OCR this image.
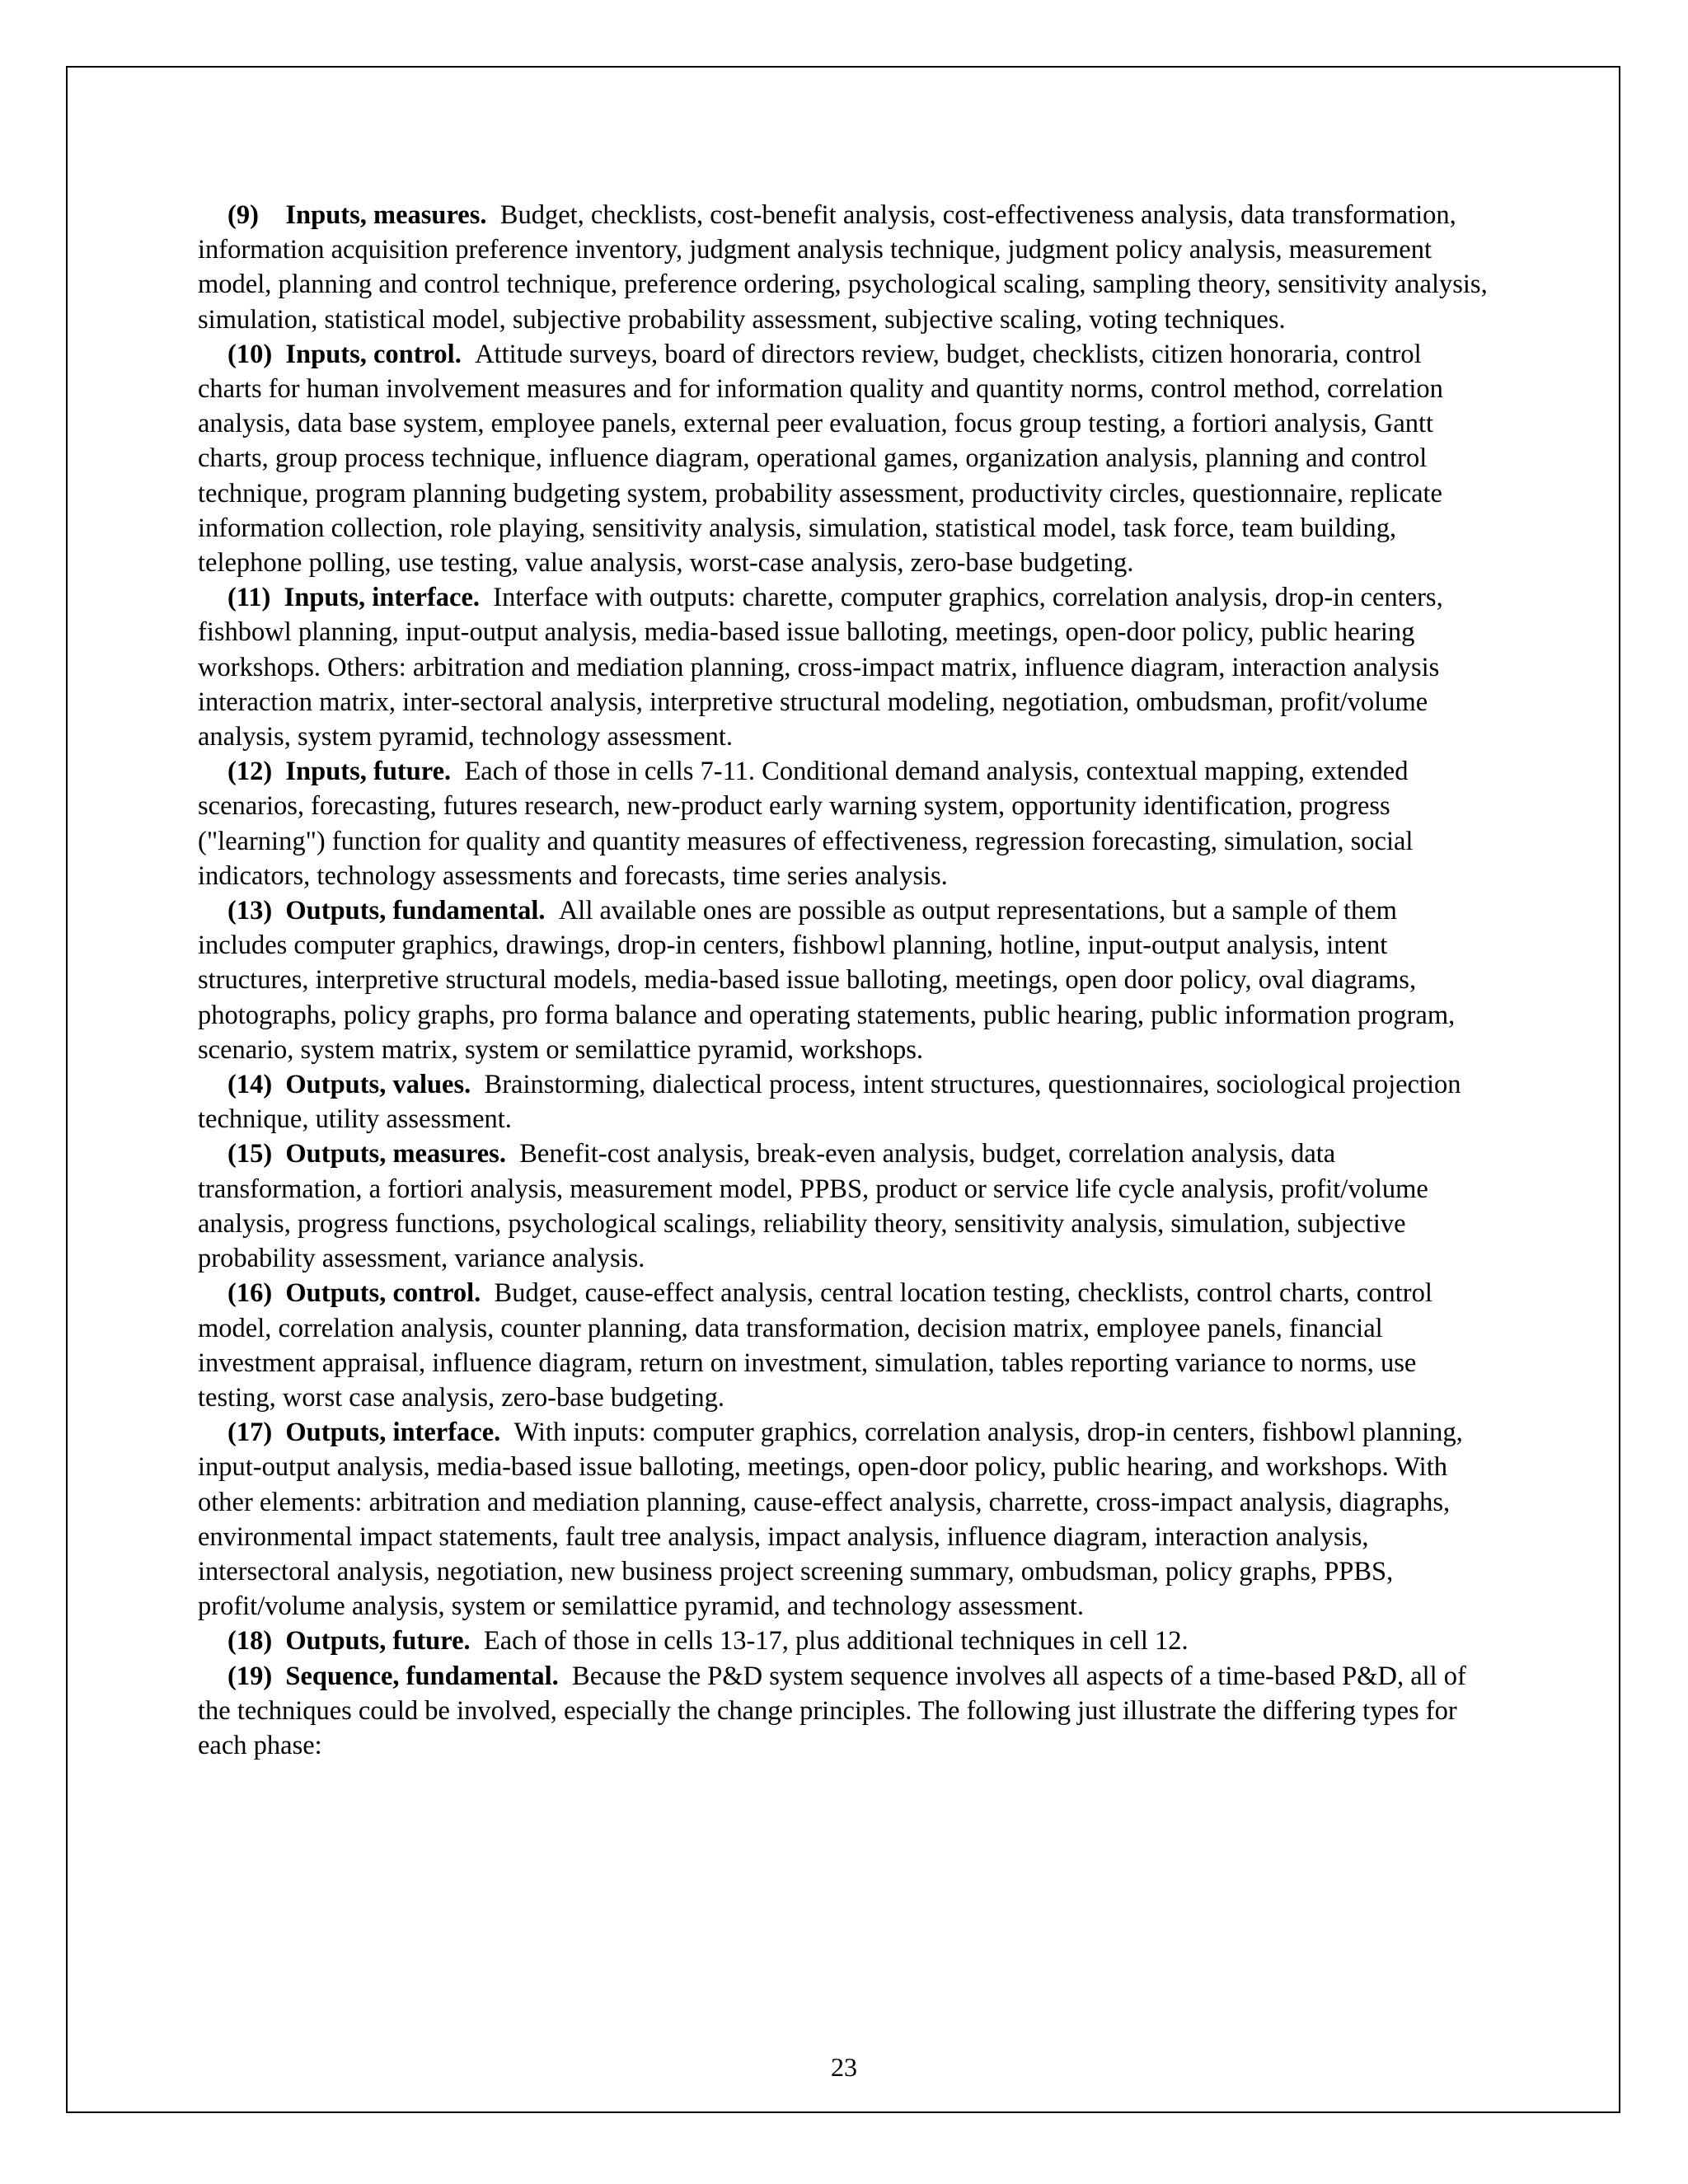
(9) Inputs, measures. Budget, checklists, cost-benefit analysis, cost-effectiveness analysis, data transformation, information acquisition preference inventory, judgment analysis technique, judgment policy analysis, measurement model, planning and control technique, preference ordering, psychological scaling, sampling theory, sensitivity analysis, simulation, statistical model, subjective probability assessment, subjective scaling, voting techniques.

(10) Inputs, control. Attitude surveys, board of directors review, budget, checklists, citizen honoraria, control charts for human involvement measures and for information quality and quantity norms, control method, correlation analysis, data base system, employee panels, external peer evaluation, focus group testing, a fortiori analysis, Gantt charts, group process technique, influence diagram, operational games, organization analysis, planning and control technique, program planning budgeting system, probability assessment, productivity circles, questionnaire, replicate information collection, role playing, sensitivity analysis, simulation, statistical model, task force, team building, telephone polling, use testing, value analysis, worst-case analysis, zero-base budgeting.

(11) Inputs, interface. Interface with outputs: charette, computer graphics, correlation analysis, drop-in centers, fishbowl planning, input-output analysis, media-based issue balloting, meetings, open-door policy, public hearing workshops. Others: arbitration and mediation planning, cross-impact matrix, influence diagram, interaction analysis interaction matrix, inter-sectoral analysis, interpretive structural modeling, negotiation, ombudsman, profit/volume analysis, system pyramid, technology assessment.

(12) Inputs, future. Each of those in cells 7-11. Conditional demand analysis, contextual mapping, extended scenarios, forecasting, futures research, new-product early warning system, opportunity identification, progress ("learning") function for quality and quantity measures of effectiveness, regression forecasting, simulation, social indicators, technology assessments and forecasts, time series analysis.

(13) Outputs, fundamental. All available ones are possible as output representations, but a sample of them includes computer graphics, drawings, drop-in centers, fishbowl planning, hotline, input-output analysis, intent structures, interpretive structural models, media-based issue balloting, meetings, open door policy, oval diagrams, photographs, policy graphs, pro forma balance and operating statements, public hearing, public information program, scenario, system matrix, system or semilattice pyramid, workshops.

(14) Outputs, values. Brainstorming, dialectical process, intent structures, questionnaires, sociological projection technique, utility assessment.

(15) Outputs, measures. Benefit-cost analysis, break-even analysis, budget, correlation analysis, data transformation, a fortiori analysis, measurement model, PPBS, product or service life cycle analysis, profit/volume analysis, progress functions, psychological scalings, reliability theory, sensitivity analysis, simulation, subjective probability assessment, variance analysis.

(16) Outputs, control. Budget, cause-effect analysis, central location testing, checklists, control charts, control model, correlation analysis, counter planning, data transformation, decision matrix, employee panels, financial investment appraisal, influence diagram, return on investment, simulation, tables reporting variance to norms, use testing, worst case analysis, zero-base budgeting.

(17) Outputs, interface. With inputs: computer graphics, correlation analysis, drop-in centers, fishbowl planning, input-output analysis, media-based issue balloting, meetings, open-door policy, public hearing, and workshops. With other elements: arbitration and mediation planning, cause-effect analysis, charrette, cross-impact analysis, diagraphs, environmental impact statements, fault tree analysis, impact analysis, influence diagram, interaction analysis, intersectoral analysis, negotiation, new business project screening summary, ombudsman, policy graphs, PPBS, profit/volume analysis, system or semilattice pyramid, and technology assessment.

(18) Outputs, future. Each of those in cells 13-17, plus additional techniques in cell 12.

(19) Sequence, fundamental. Because the P&D system sequence involves all aspects of a time-based P&D, all of the techniques could be involved, especially the change principles. The following just illustrate the differing types for each phase:

23
